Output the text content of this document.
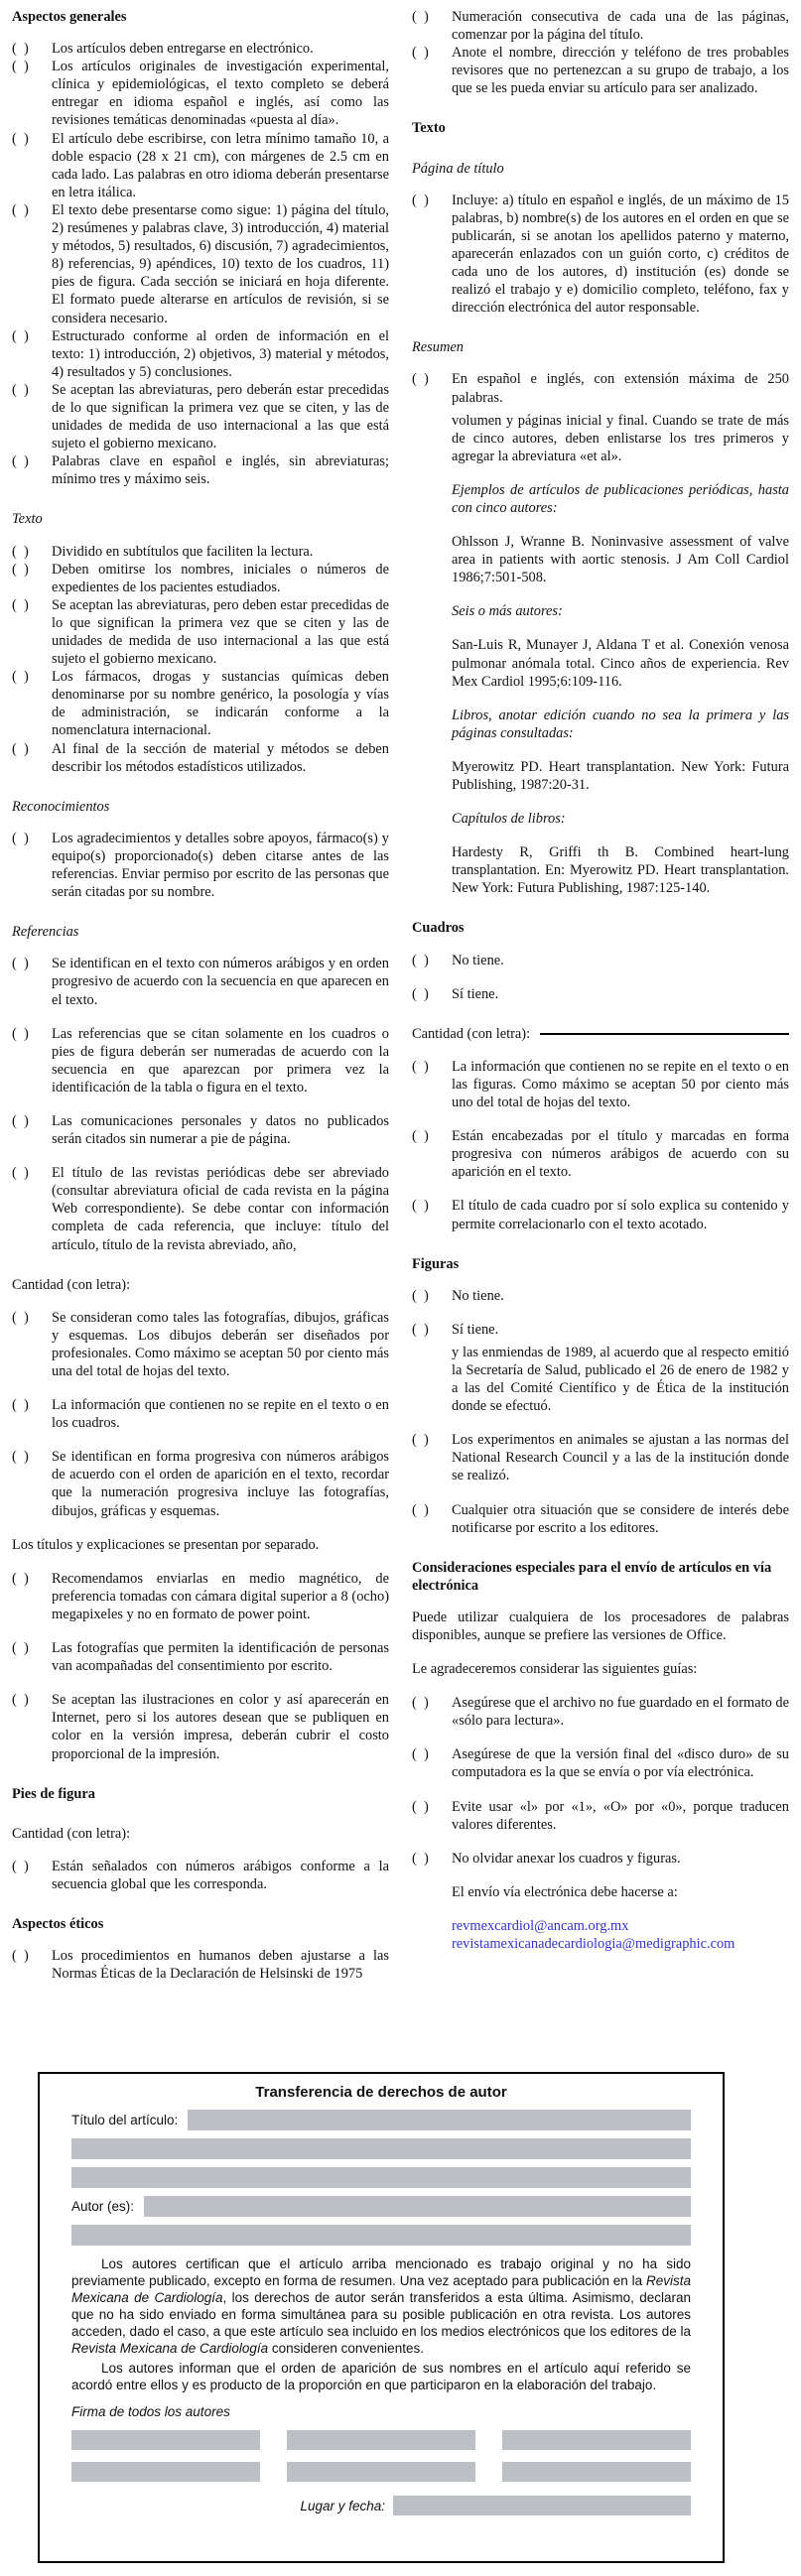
Aspectos generales
(  )	Los artículos deben entregarse en electrónico.
(  )	Los artículos originales de investigación experimental, clínica y epidemiológicas, el texto completo se deberá entregar en idioma español e inglés, así como las revisiones temáticas denominadas «puesta al día».
(  )	El artículo debe escribirse, con letra mínimo tamaño 10, a doble espacio (28 x 21 cm), con márgenes de 2.5 cm en cada lado. Las palabras en otro idioma deberán presentarse en letra itálica.
(  )	El texto debe presentarse como sigue: 1) página del título, 2) resúmenes y palabras clave, 3) introducción, 4) material y métodos, 5) resultados, 6) discusión, 7) agradecimientos, 8) referencias, 9) apéndices, 10) texto de los cuadros, 11) pies de figura. Cada sección se iniciará en hoja diferente. El formato puede alterarse en artículos de revisión, si se considera necesario.
(  )	Estructurado conforme al orden de información en el texto: 1) introducción, 2) objetivos, 3) material y métodos, 4) resultados y 5) conclusiones.
(  )	Se aceptan las abreviaturas, pero deberán estar precedidas de lo que significan la primera vez que se citen, y las de unidades de medida de uso internacional a las que está sujeto el gobierno mexicano.
(  )	Palabras clave en español e inglés, sin abreviaturas; mínimo tres y máximo seis.
Texto
(  )	Dividido en subtítulos que faciliten la lectura.
(  )	Deben omitirse los nombres, iniciales o números de expedientes de los pacientes estudiados.
(  )	Se aceptan las abreviaturas, pero deben estar precedidas de lo que significan la primera vez que se citen y las de unidades de medida de uso internacional a las que está sujeto el gobierno mexicano.
(  )	Los fármacos, drogas y sustancias químicas deben denominarse por su nombre genérico, la posología y vías de administración, se indicarán conforme a la nomenclatura internacional.
(  )	Al final de la sección de material y métodos se deben describir los métodos estadísticos utilizados.
Reconocimientos
(  )	Los agradecimientos y detalles sobre apoyos, fármaco(s) y equipo(s) proporcionado(s) deben citarse antes de las referencias. Enviar permiso por escrito de las personas que serán citadas por su nombre.
Referencias
(  )	Se identifican en el texto con números arábigos y en orden progresivo de acuerdo con la secuencia en que aparecen en el texto.
(  )	Las referencias que se citan solamente en los cuadros o pies de figura deberán ser numeradas de acuerdo con la secuencia en que aparezcan por primera vez la identificación de la tabla o figura en el texto.
(  )	Las comunicaciones personales y datos no publicados serán citados sin numerar a pie de página.
(  )	El título de las revistas periódicas debe ser abreviado (consultar abreviatura oficial de cada revista en la página Web correspondiente). Se debe contar con información completa de cada referencia, que incluye: título del artículo, título de la revista abreviado, año,
Cantidad (con letra):
(  )	Se consideran como tales las fotografías, dibujos, gráficas y esquemas. Los dibujos deberán ser diseñados por profesionales. Como máximo se aceptan 50 por ciento más una del total de hojas del texto.
(  )	La información que contienen no se repite en el texto o en los cuadros.
(  )	Se identifican en forma progresiva con números arábigos de acuerdo con el orden de aparición en el texto, recordar que la numeración progresiva incluye las fotografías, dibujos, gráficas y esquemas.
Los títulos y explicaciones se presentan por separado.
(  )	Recomendamos enviarlas en medio magnético, de preferencia tomadas con cámara digital superior a 8 (ocho) megapixeles y no en formato de power point.
(  )	Las fotografías que permiten la identificación de personas van acompañadas del consentimiento por escrito.
(  )	Se aceptan las ilustraciones en color y así aparecerán en Internet, pero si los autores desean que se publiquen en color en la versión impresa, deberán cubrir el costo proporcional de la impresión.
Pies de figura
Cantidad (con letra):
(  )	Están señalados con números arábigos conforme a la secuencia global que les corresponda.
Aspectos éticos
(  )	Los procedimientos en humanos deben ajustarse a las Normas Éticas de la Declaración de Helsinski de 1975
(  )	Numeración consecutiva de cada una de las páginas, comenzar por la página del título.
(  )	Anote el nombre, dirección y teléfono de tres probables revisores que no pertenezcan a su grupo de trabajo, a los que se les pueda enviar su artículo para ser analizado.
Texto
Página de título
(  )	Incluye: a) título en español e inglés, de un máximo de 15 palabras, b) nombre(s) de los autores en el orden en que se publicarán, si se anotan los apellidos paterno y materno, aparecerán enlazados con un guión corto, c) créditos de cada uno de los autores, d) institución (es) donde se realizó el trabajo y e) domicilio completo, teléfono, fax y dirección electrónica del autor responsable.
Resumen
(  )	En español e inglés, con extensión máxima de 250 palabras.
volumen y páginas inicial y final. Cuando se trate de más de cinco autores, deben enlistarse los tres primeros y agregar la abreviatura «et al».
Ejemplos de artículos de publicaciones periódicas, hasta con cinco autores:
Ohlsson J, Wranne B. Noninvasive assessment of valve area in patients with aortic stenosis. J Am Coll Cardiol 1986;7:501-508.
Seis o más autores:
San-Luis R, Munayer J, Aldana T et al. Conexión venosa pulmonar anómala total. Cinco años de experiencia. Rev Mex Cardiol 1995;6:109-116.
Libros, anotar edición cuando no sea la primera y las páginas consultadas:
Myerowitz PD. Heart transplantation. New York: Futura Publishing, 1987:20-31.
Capítulos de libros:
Hardesty R, Griffi th B. Combined heart-lung transplantation. En: Myerowitz PD. Heart transplantation. New York: Futura Publishing, 1987:125-140.
Cuadros
(  )	No tiene.
(  )	Sí tiene.
Cantidad (con letra):
(  )	La información que contienen no se repite en el texto o en las figuras. Como máximo se aceptan 50 por ciento más uno del total de hojas del texto.
(  )	Están encabezadas por el título y marcadas en forma progresiva con números arábigos de acuerdo con su aparición en el texto.
(  )	El título de cada cuadro por sí solo explica su contenido y permite correlacionarlo con el texto acotado.
Figuras
(  )	No tiene.
(  )	Sí tiene.
y las enmiendas de 1989, al acuerdo que al respecto emitió la Secretaría de Salud, publicado el 26 de enero de 1982 y a las del Comité Científico y de Ética de la institución donde se efectuó.
(  )	Los experimentos en animales se ajustan a las normas del National Research Council y a las de la institución donde se realizó.
(  )	Cualquier otra situación que se considere de interés debe notificarse por escrito a los editores.
Consideraciones especiales para el envío de artículos en vía electrónica
Puede utilizar cualquiera de los procesadores de palabras disponibles, aunque se prefiere las versiones de Office.
Le agradeceremos considerar las siguientes guías:
(  )	Asegúrese que el archivo no fue guardado en el formato de «sólo para lectura».
(  )	Asegúrese de que la versión final del «disco duro» de su computadora es la que se envía o por vía electrónica.
(  )	Evite usar «l» por «1», «O» por «0», porque traducen valores diferentes.
(  )	No olvidar anexar los cuadros y figuras.
El envío vía electrónica debe hacerse a:
revmexcardiol@ancam.org.mx
revistamexicanadecardiologia@medigraphic.com
Transferencia de derechos de autor
Título del artículo:
Autor (es):

Los autores certifican que el artículo arriba mencionado es trabajo original y no ha sido previamente publicado, excepto en forma de resumen. Una vez aceptado para publicación en la Revista Mexicana de Cardiología, los derechos de autor serán transferidos a esta última. Asimismo, declaran que no ha sido enviado en forma simultánea para su posible publicación en otra revista. Los autores acceden, dado el caso, a que este artículo sea incluido en los medios electrónicos que los editores de la Revista Mexicana de Cardiología consideren convenientes.

Los autores informan que el orden de aparición de sus nombres en el artículo aquí referido se acordó entre ellos y es producto de la proporción en que participaron en la elaboración del trabajo.

Firma de todos los autores
Lugar y fecha:
